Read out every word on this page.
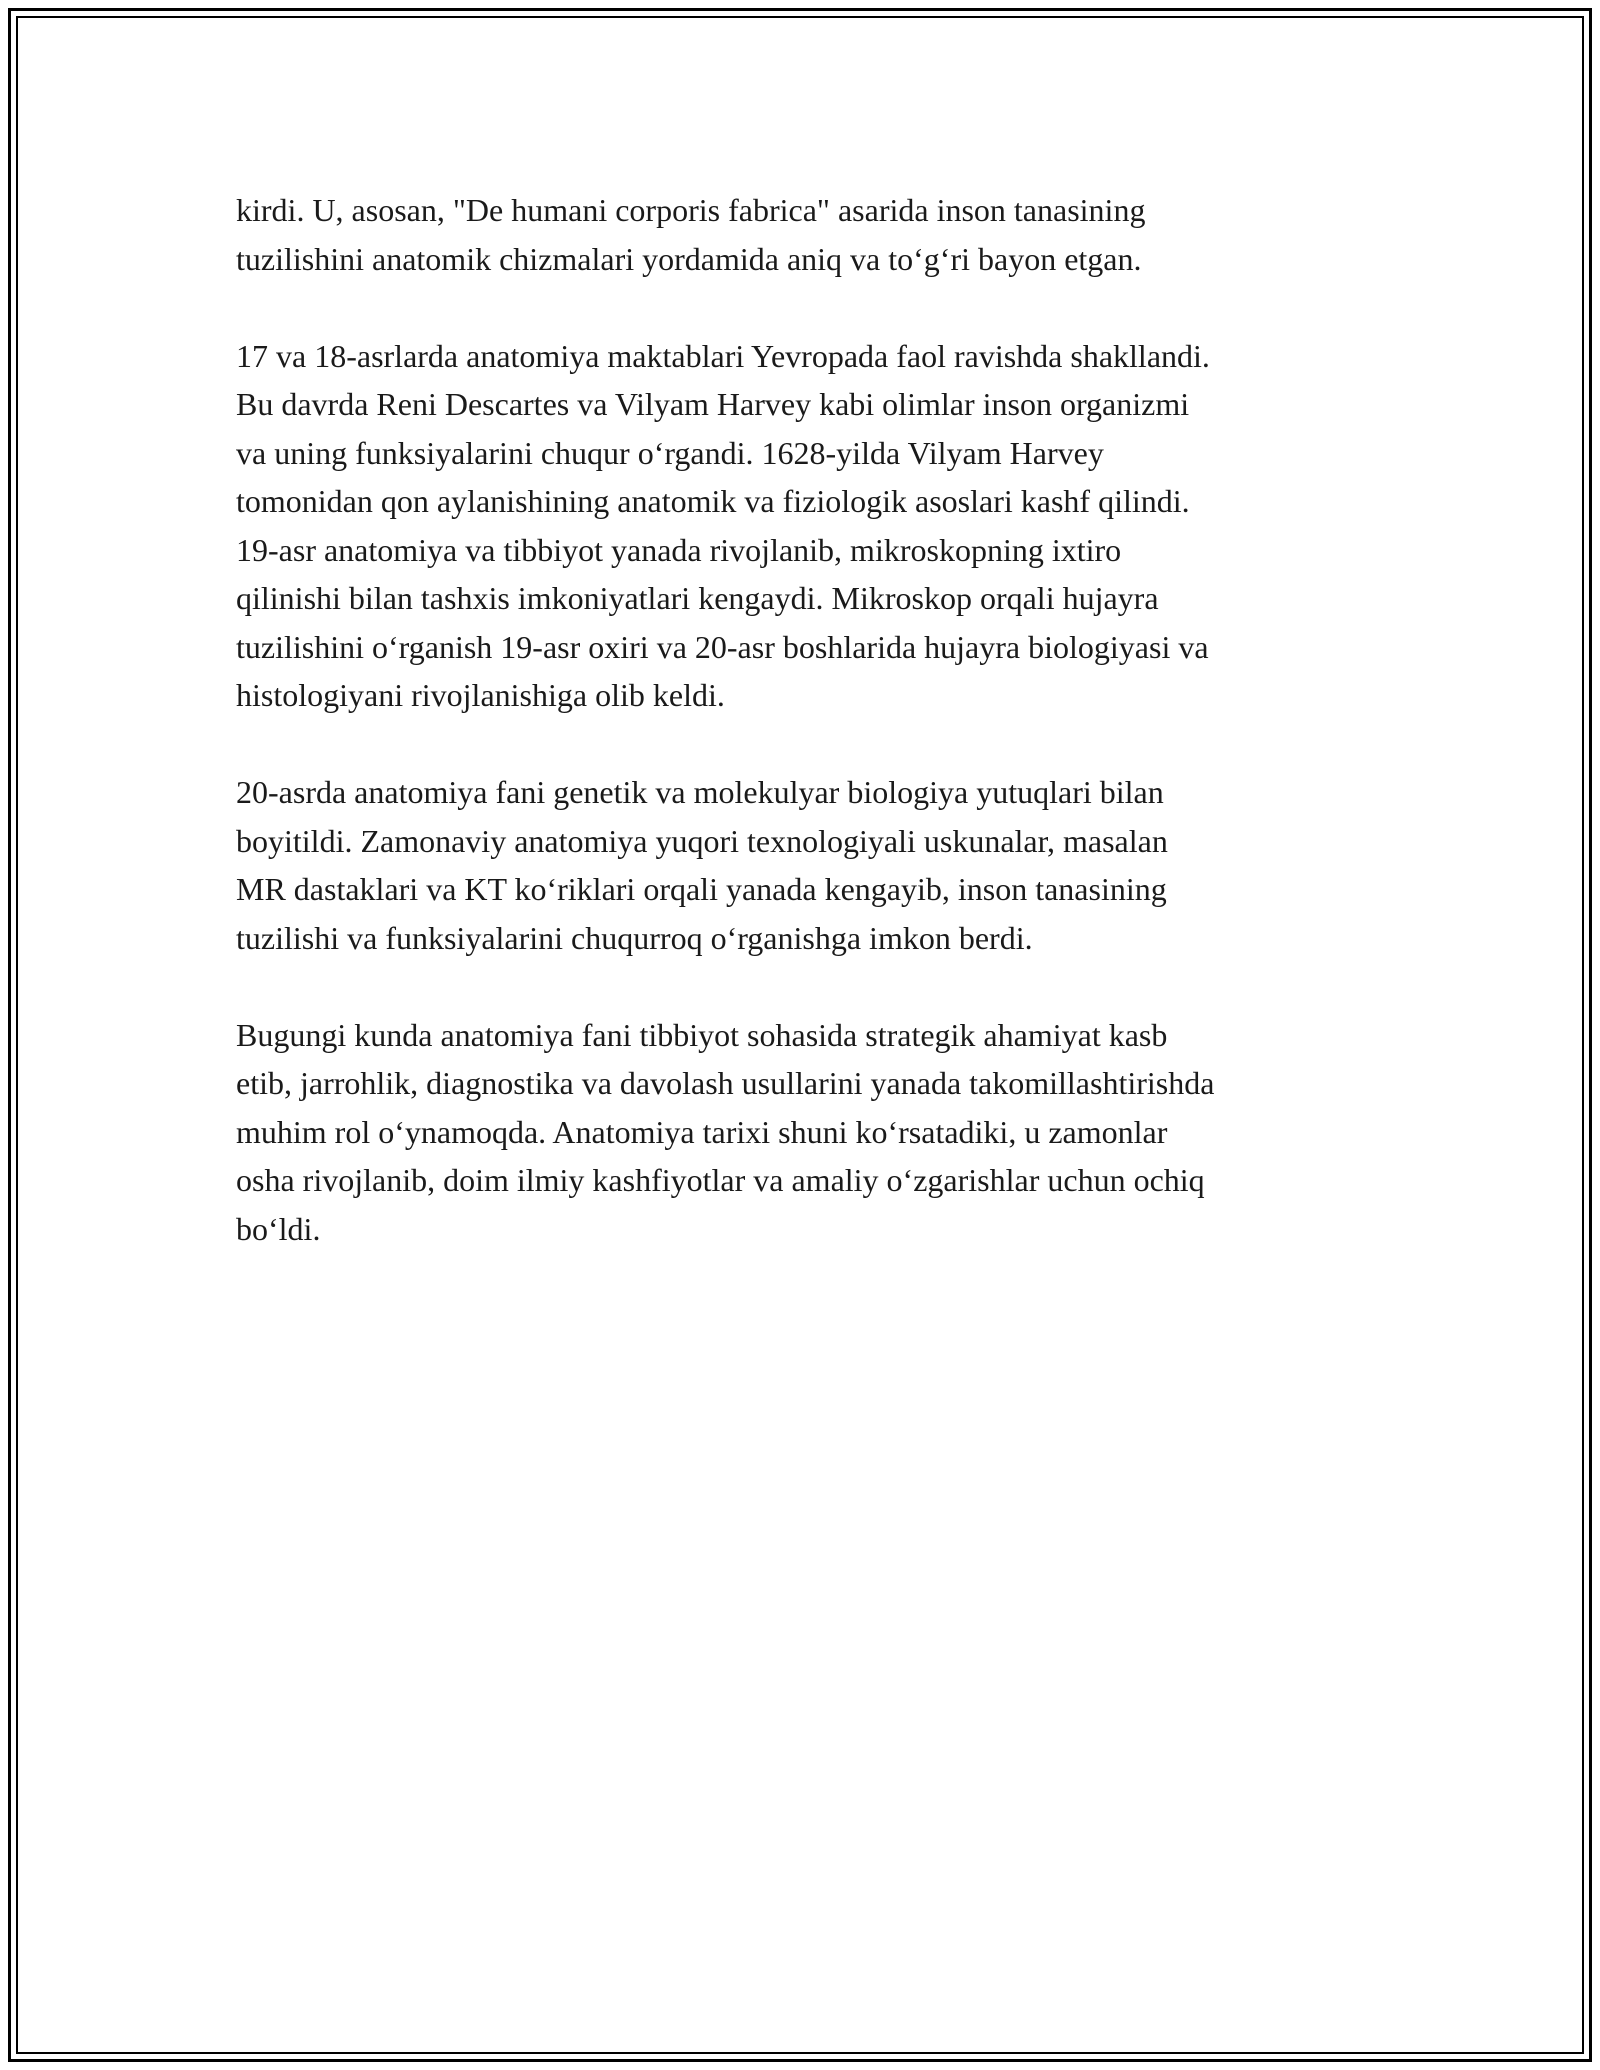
kirdi. U, asosan, "De humani corporis fabrica" asarida inson tanasining
tuzilishini anatomik chizmalari yordamida aniq va to‘g‘ri bayon etgan.

17 va 18-asrlarda anatomiya maktablari Yevropada faol ravishda shakllandi.
Bu davrda Reni Descartes va Vilyam Harvey kabi olimlar inson organizmi
va uning funksiyalarini chuqur o‘rgandi. 1628-yilda Vilyam Harvey
tomonidan qon aylanishining anatomik va fiziologik asoslari kashf qilindi.
19-asr anatomiya va tibbiyot yanada rivojlanib, mikroskopning ixtiro
qilinishi bilan tashxis imkoniyatlari kengaydi. Mikroskop orqali hujayra
tuzilishini o‘rganish 19-asr oxiri va 20-asr boshlarida hujayra biologiyasi va
histologiyani rivojlanishiga olib keldi.

20-asrda anatomiya fani genetik va molekulyar biologiya yutuqlari bilan
boyitildi. Zamonaviy anatomiya yuqori texnologiyali uskunalar, masalan
MR dastaklari va KT ko‘riklari orqali yanada kengayib, inson tanasining
tuzilishi va funksiyalarini chuqurroq o‘rganishga imkon berdi.

Bugungi kunda anatomiya fani tibbiyot sohasida strategik ahamiyat kasb
etib, jarrohlik, diagnostika va davolash usullarini yanada takomillashtirishda
muhim rol o‘ynamoqda. Anatomiya tarixi shuni ko‘rsatadiki, u zamonlar
osha rivojlanib, doim ilmiy kashfiyotlar va amaliy o‘zgarishlar uchun ochiq
bo‘ldi.
